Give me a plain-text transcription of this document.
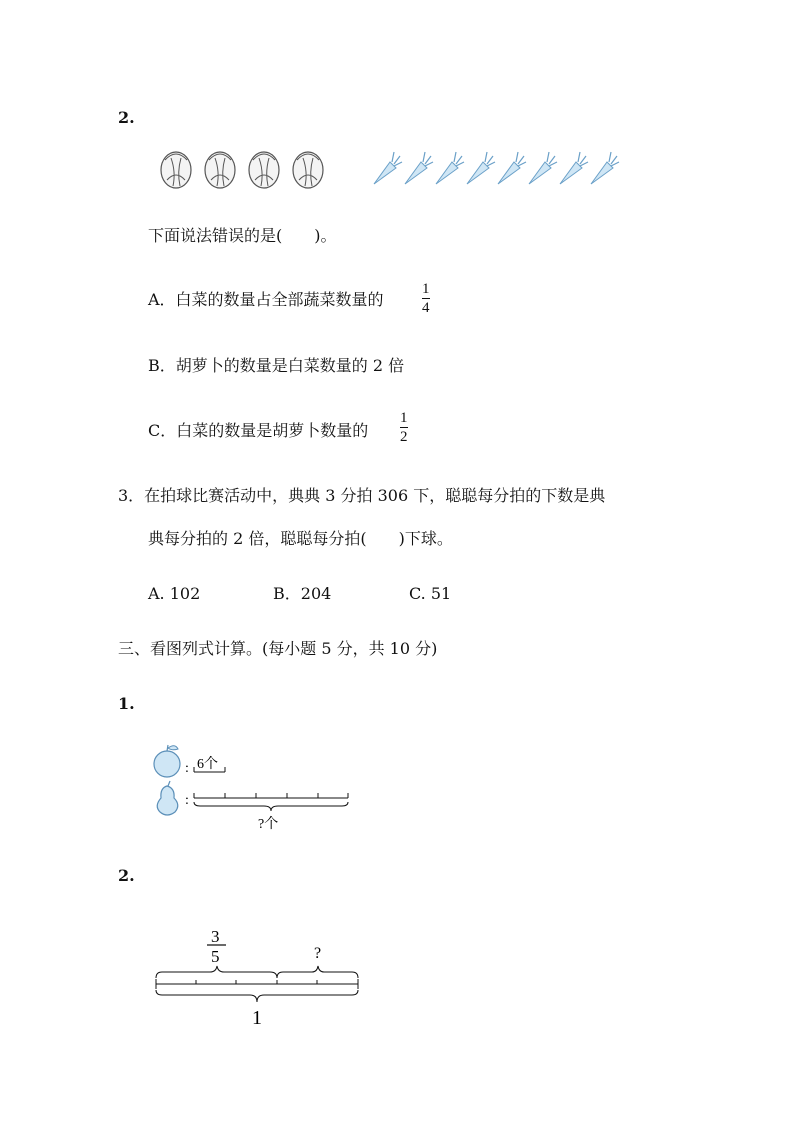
2.
下面说法错误的是(　　)。
A．白菜的数量占全部蔬菜数量的
1
4
B．胡萝卜的数量是白菜数量的 2 倍
C．白菜的数量是胡萝卜数量的
1
2
3．在拍球比赛活动中，典典 3 分拍 306 下，聪聪每分拍的下数是典
典每分拍的 2 倍，聪聪每分拍(　　)下球。
A. 102	B．204	C. 51
三、看图列式计算。(每小题 5 分，共 10 分)
1.
: 6个
:
?个
2.
3
5	?
1
